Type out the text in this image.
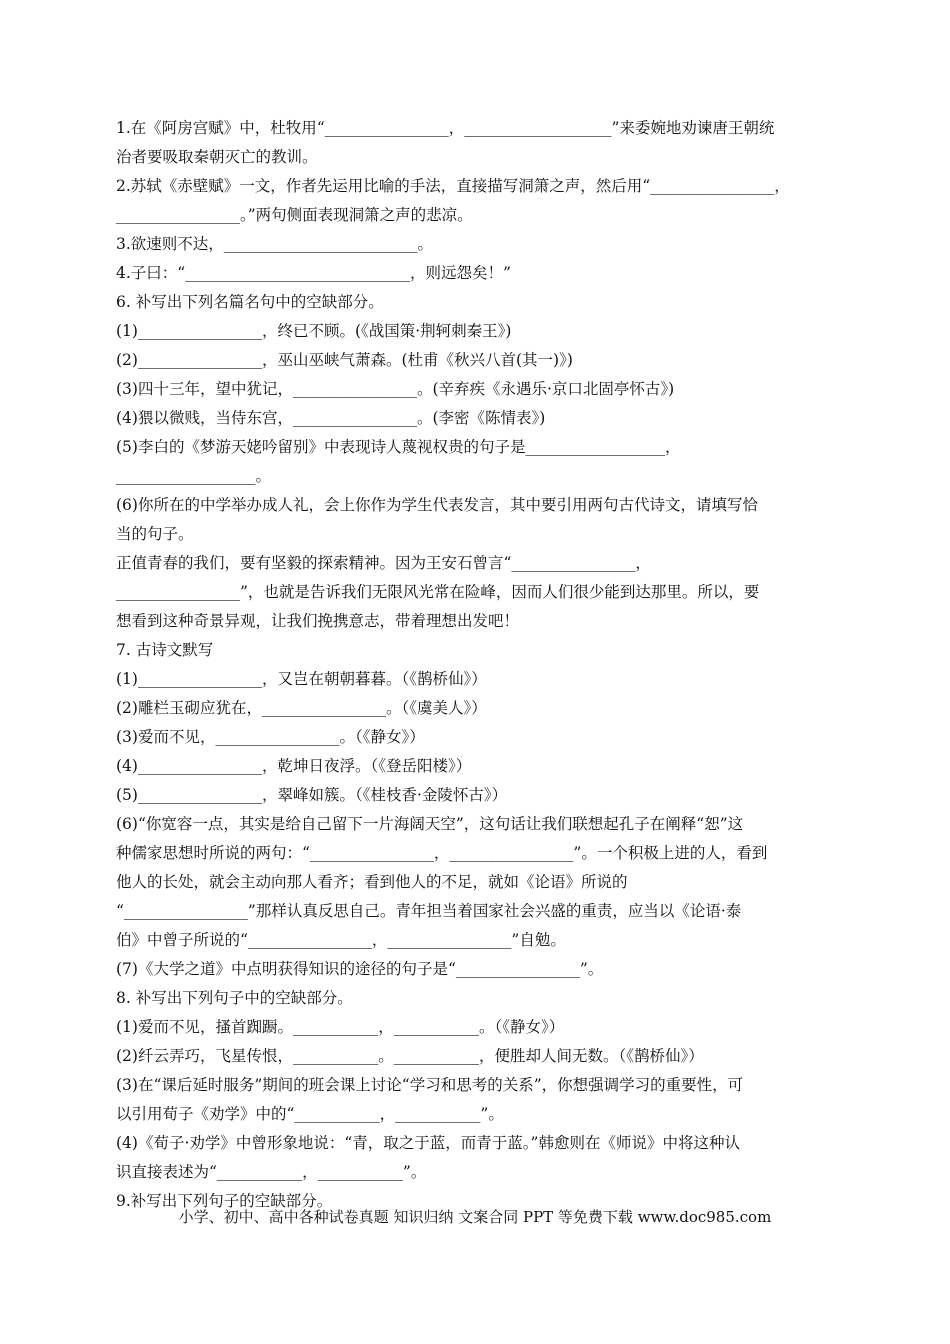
1.在《阿房宫赋》中，杜牧用“________________，___________________”来委婉地劝谏唐王朝统
治者要吸取秦朝灭亡的教训。
2.苏轼《赤壁赋》一文，作者先运用比喻的手法，直接描写洞箫之声，然后用“________________，
________________。”两句侧面表现洞箫之声的悲凉。
3.欲速则不达，_________________________。
4.子曰：“_____________________________，则远怨矣！”
6. 补写出下列名篇名句中的空缺部分。
(1)________________，终已不顾。(《战国策·荆轲刺秦王》)
(2)________________，巫山巫峡气萧森。(杜甫《秋兴八首(其一)》)
(3)四十三年，望中犹记，________________。(辛弃疾《永遇乐·京口北固亭怀古》)
(4)猥以微贱，当侍东宫，________________。(李密《陈情表》)
(5)李白的《梦游天姥吟留别》中表现诗人蔑视权贵的句子是__________________，
__________________。
(6)你所在的中学举办成人礼，会上你作为学生代表发言，其中要引用两句古代诗文，请填写恰
当的句子。
正值青春的我们，要有坚毅的探索精神。因为王安石曾言“________________，
________________”，也就是告诉我们无限风光常在险峰，因而人们很少能到达那里。所以，要
想看到这种奇景异观，让我们挽携意志，带着理想出发吧！
7. 古诗文默写
(1)________________，又岂在朝朝暮暮。（《鹊桥仙》）
(2)雕栏玉砌应犹在，________________。（《虞美人》）
(3)爱而不见，________________。（《静女》）
(4)________________，乾坤日夜浮。（《登岳阳楼》）
(5)________________，翠峰如簇。（《桂枝香·金陵怀古》）
(6)“你宽容一点，其实是给自己留下一片海阔天空”，这句话让我们联想起孔子在阐释“恕”这
种儒家思想时所说的两句：“________________，________________”。一个积极上进的人，看到
他人的长处，就会主动向那人看齐；看到他人的不足，就如《论语》所说的
“________________”那样认真反思自己。青年担当着国家社会兴盛的重责，应当以《论语·泰
伯》中曾子所说的“________________，________________”自勉。
(7)《大学之道》中点明获得知识的途径的句子是“________________”。
8. 补写出下列句子中的空缺部分。
(1)爱而不见，搔首踟蹰。___________，___________。（《静女》）
(2)纤云弄巧，飞星传恨，___________。___________，便胜却人间无数。（《鹊桥仙》）
(3)在“课后延时服务”期间的班会课上讨论“学习和思考的关系”，你想强调学习的重要性，可
以引用荀子《劝学》中的“___________，___________”。
(4)《荀子·劝学》中曾形象地说：“青，取之于蓝，而青于蓝。”韩愈则在《师说》中将这种认
识直接表述为“___________，___________”。
9.补写出下列句子的空缺部分。
小学、初中、高中各种试卷真题 知识归纳 文案合同 PPT 等免费下载 www.doc985.com
